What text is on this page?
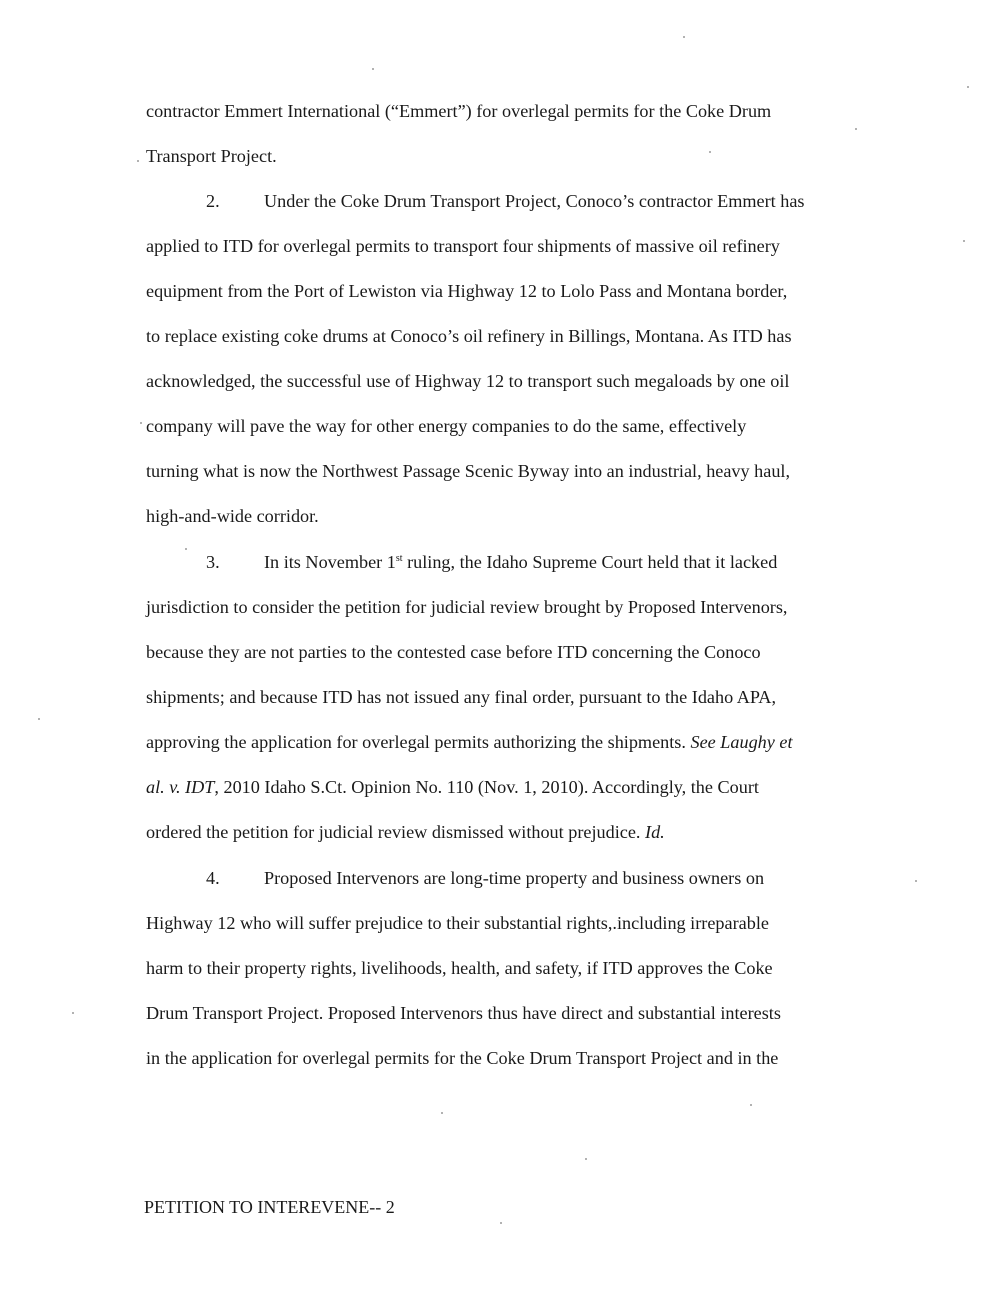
contractor Emmert International (“Emmert”) for overlegal permits for the Coke Drum
Transport Project.
2. Under the Coke Drum Transport Project, Conoco’s contractor Emmert has
applied to ITD for overlegal permits to transport four shipments of massive oil refinery
equipment from the Port of Lewiston via Highway 12 to Lolo Pass and Montana border,
to replace existing coke drums at Conoco’s oil refinery in Billings, Montana. As ITD has
acknowledged, the successful use of Highway 12 to transport such megaloads by one oil
company will pave the way for other energy companies to do the same, effectively
turning what is now the Northwest Passage Scenic Byway into an industrial, heavy haul,
high-and-wide corridor.
3. In its November 1st ruling, the Idaho Supreme Court held that it lacked
jurisdiction to consider the petition for judicial review brought by Proposed Intervenors,
because they are not parties to the contested case before ITD concerning the Conoco
shipments; and because ITD has not issued any final order, pursuant to the Idaho APA,
approving the application for overlegal permits authorizing the shipments. See Laughy et
al. v. IDT, 2010 Idaho S.Ct. Opinion No. 110 (Nov. 1, 2010). Accordingly, the Court
ordered the petition for judicial review dismissed without prejudice. Id.
4. Proposed Intervenors are long-time property and business owners on
Highway 12 who will suffer prejudice to their substantial rights,.including irreparable
harm to their property rights, livelihoods, health, and safety, if ITD approves the Coke
Drum Transport Project. Proposed Intervenors thus have direct and substantial interests
in the application for overlegal permits for the Coke Drum Transport Project and in the
PETITION TO INTEREVENE-- 2
